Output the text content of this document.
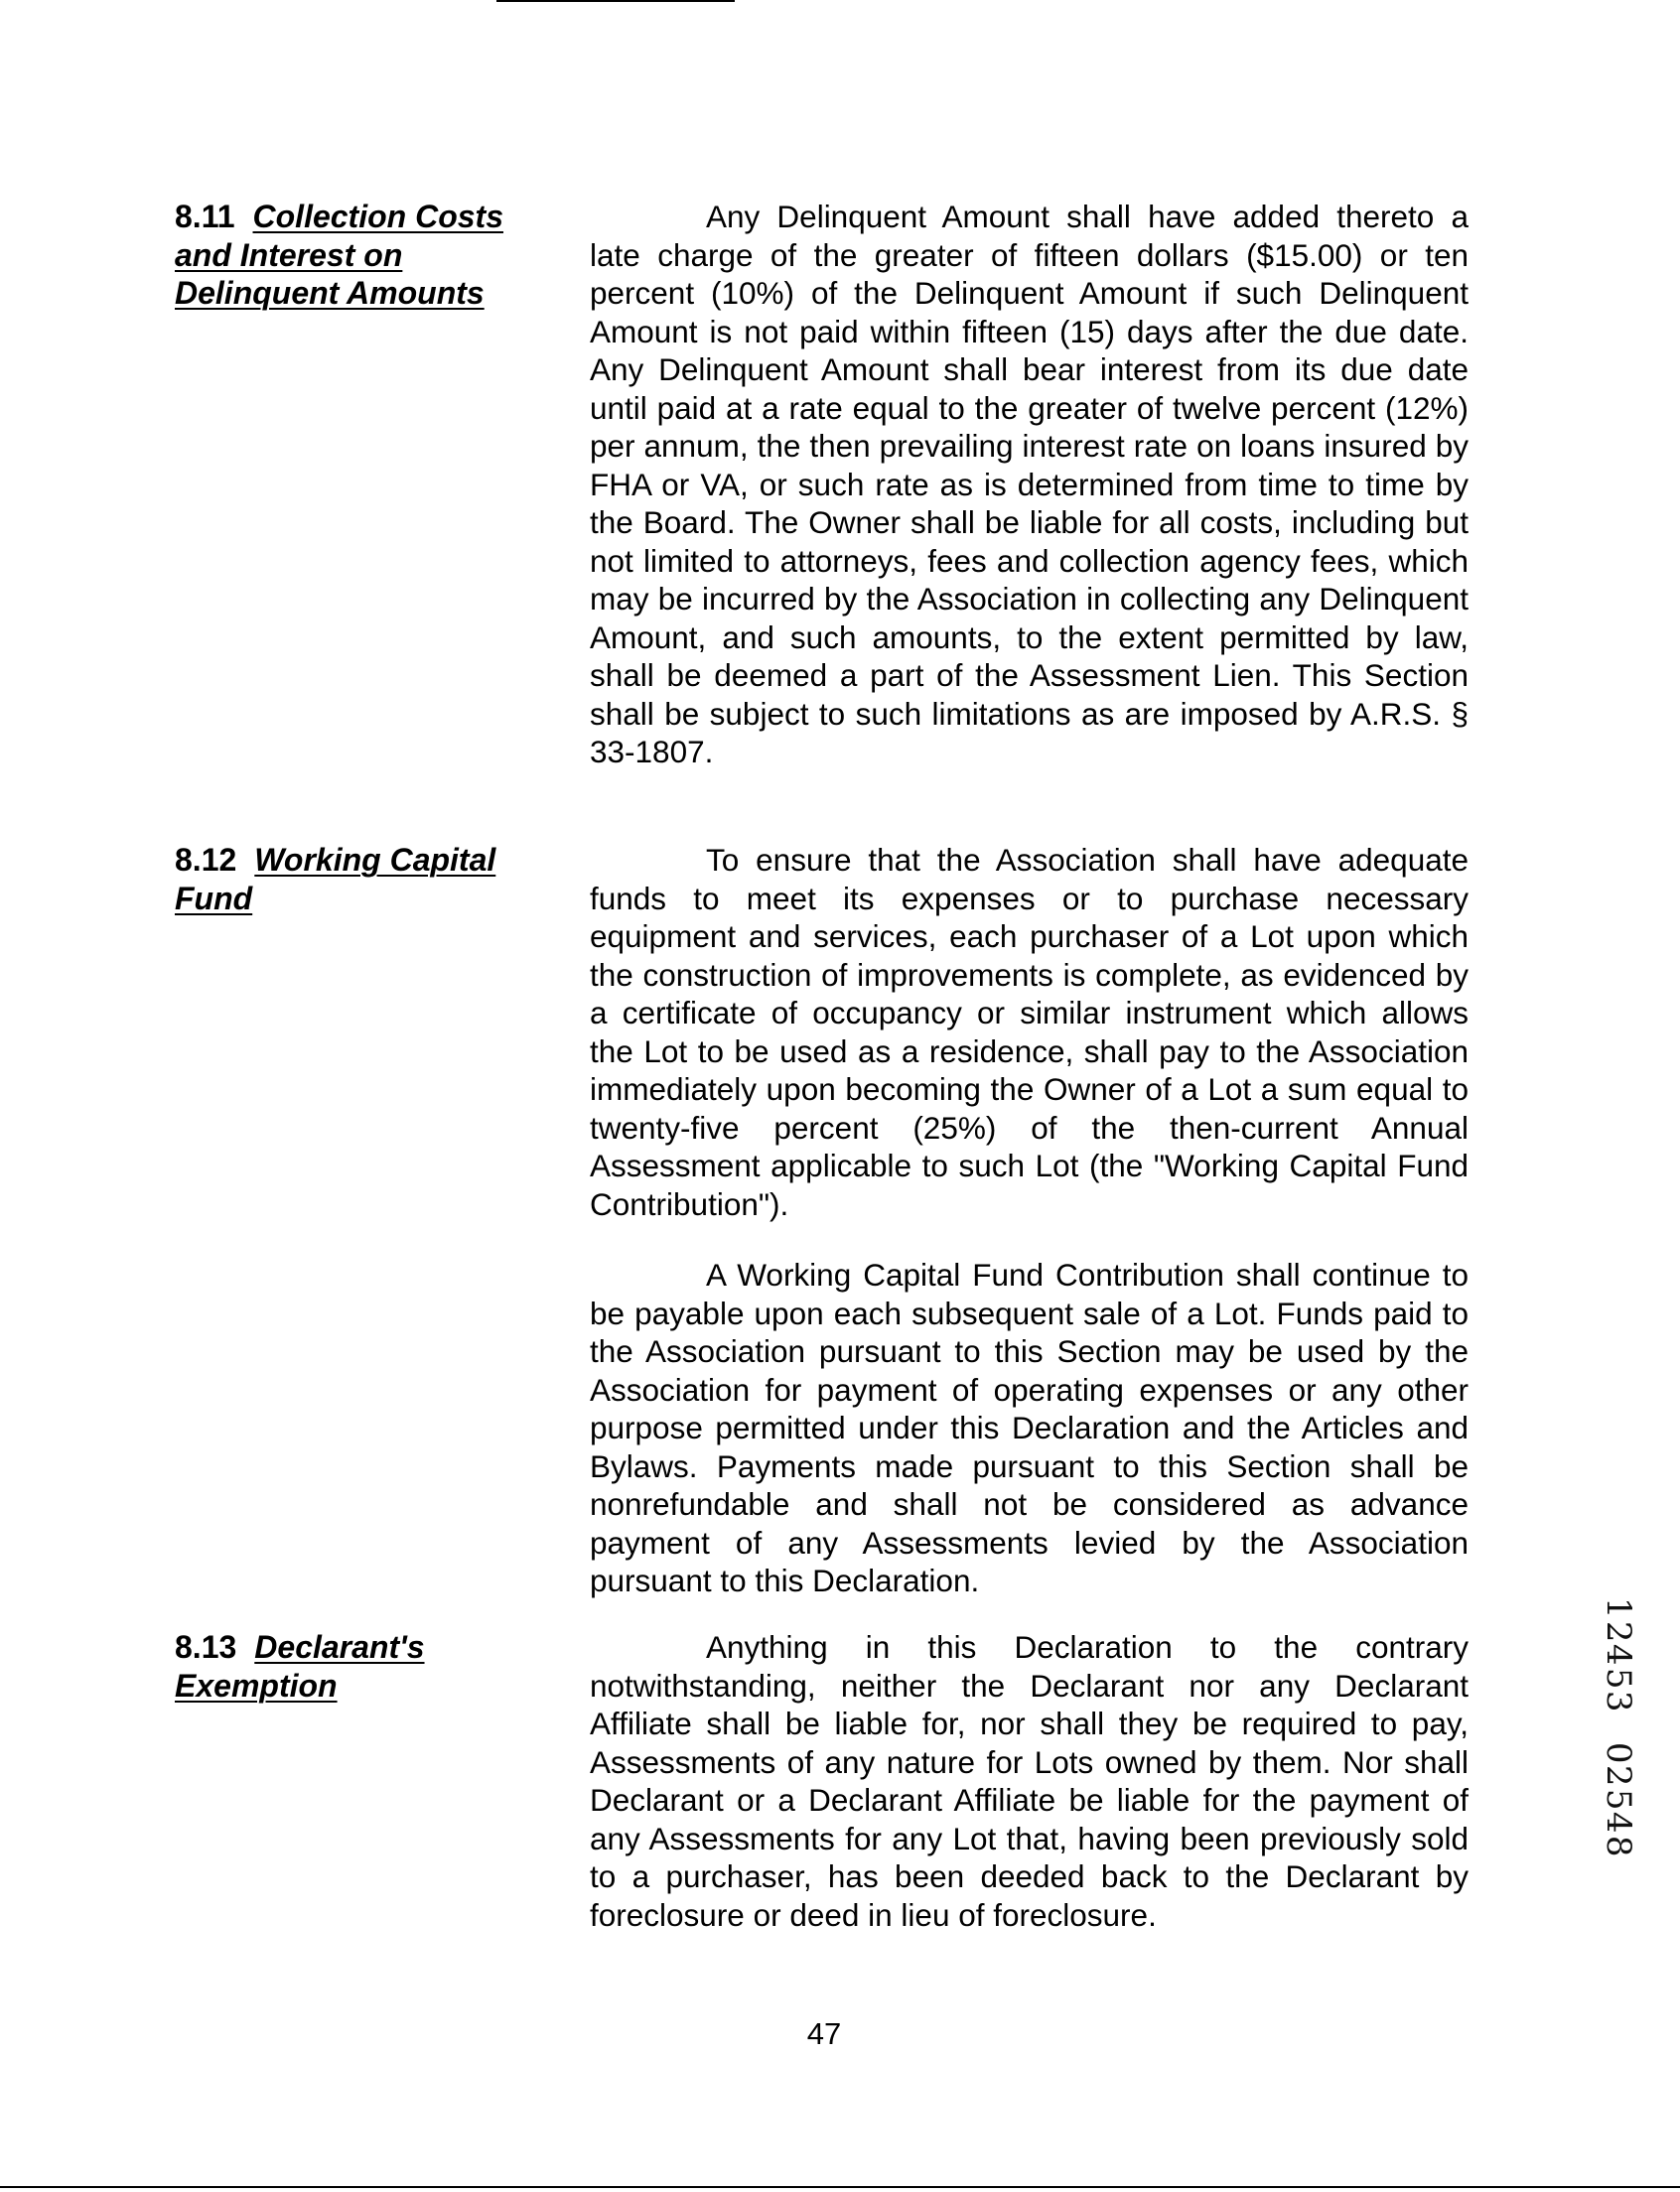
8.11 Collection Costs
and Interest on
Delinquent Amounts

Any Delinquent Amount shall have added thereto a late charge of the greater of fifteen dollars ($15.00) or ten percent (10%) of the Delinquent Amount if such Delinquent Amount is not paid within fifteen (15) days after the due date. Any Delinquent Amount shall bear interest from its due date until paid at a rate equal to the greater of twelve percent (12%) per annum, the then prevailing interest rate on loans insured by FHA or VA, or such rate as is determined from time to time by the Board. The Owner shall be liable for all costs, including but not limited to attorneys, fees and collection agency fees, which may be incurred by the Association in collecting any Delinquent Amount, and such amounts, to the extent permitted by law, shall be deemed a part of the Assessment Lien. This Section shall be subject to such limitations as are imposed by A.R.S. § 33-1807.

8.12 Working Capital
Fund

To ensure that the Association shall have adequate funds to meet its expenses or to purchase necessary equipment and services, each purchaser of a Lot upon which the construction of improvements is complete, as evidenced by a certificate of occupancy or similar instrument which allows the Lot to be used as a residence, shall pay to the Association immediately upon becoming the Owner of a Lot a sum equal to twenty-five percent (25%) of the then-current Annual Assessment applicable to such Lot (the "Working Capital Fund Contribution").

A Working Capital Fund Contribution shall continue to be payable upon each subsequent sale of a Lot. Funds paid to the Association pursuant to this Section may be used by the Association for payment of operating expenses or any other purpose permitted under this Declaration and the Articles and Bylaws. Payments made pursuant to this Section shall be nonrefundable and shall not be considered as advance payment of any Assessments levied by the Association pursuant to this Declaration.

8.13 Declarant's
Exemption

Anything in this Declaration to the contrary notwithstanding, neither the Declarant nor any Declarant Affiliate shall be liable for, nor shall they be required to pay, Assessments of any nature for Lots owned by them. Nor shall Declarant or a Declarant Affiliate be liable for the payment of any Assessments for any Lot that, having been previously sold to a purchaser, has been deeded back to the Declarant by foreclosure or deed in lieu of foreclosure.

47

1
2
4
5
3
0
2
5
4
8
